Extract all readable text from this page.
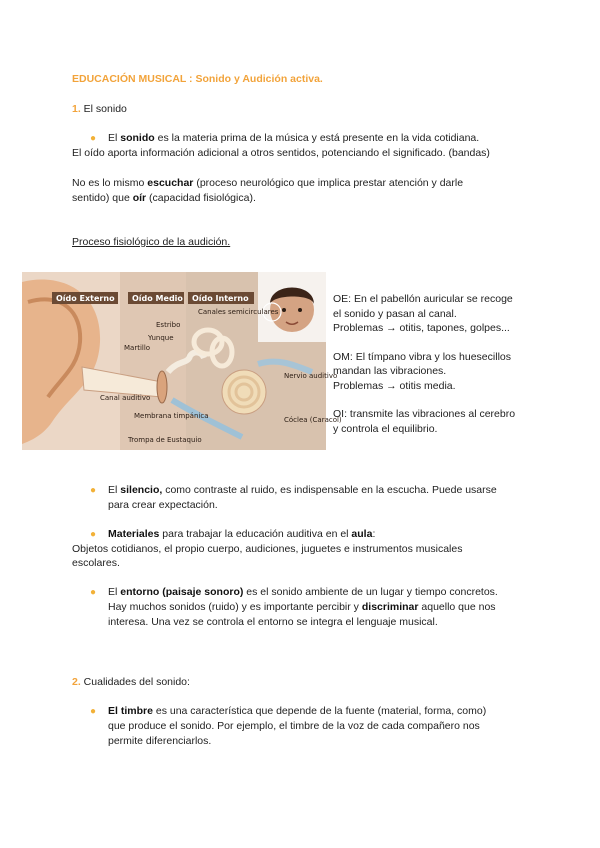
EDUCACIÓN MUSICAL : Sonido y Audición activa.
1. El sonido
● El sonido es la materia prima de la música y está presente en la vida cotidiana.
El oído aporta información adicional a otros sentidos, potenciando el significado. (bandas)
No es lo mismo escuchar (proceso neurológico que implica prestar atención y darle
sentido) que oír (capacidad fisiológica).
Proceso fisiológico de la audición.
Oído Externo Oído Medio Oído Interno
Canales semicirculares
Estribo
Yunque
Martillo
Nervio auditivo
Canal auditivo
Membrana timpánica	Cóclea (Caracol)
Trompa de Eustaquio
OE: En el pabellón auricular se recoge
el sonido y pasan al canal.
Problemas → otitis, tapones, golpes...
OM: El tímpano vibra y los huesecillos
mandan las vibraciones.
Problemas → otitis media.
OI: transmite las vibraciones al cerebro
y controla el equilibrio.
● El silencio, como contraste al ruido, es indispensable en la escucha. Puede usarse
para crear expectación.
● Materiales para trabajar la educación auditiva en el aula:
Objetos cotidianos, el propio cuerpo, audiciones, juguetes e instrumentos musicales
escolares.
● El entorno (paisaje sonoro) es el sonido ambiente de un lugar y tiempo concretos.
Hay muchos sonidos (ruido) y es importante percibir y discriminar aquello que nos
interesa. Una vez se controla el entorno se integra el lenguaje musical.
2. Cualidades del sonido:
● El timbre es una característica que depende de la fuente (material, forma, como)
que produce el sonido. Por ejemplo, el timbre de la voz de cada compañero nos
permite diferenciarlos.
